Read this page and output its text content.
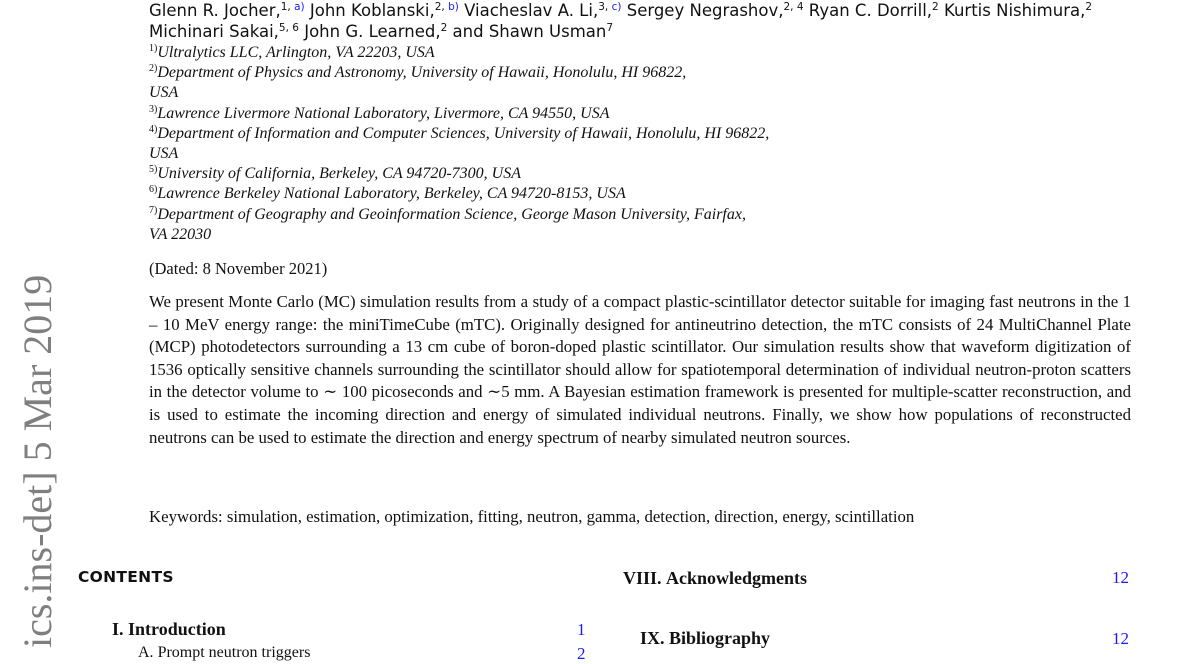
ics.ins-det] 5 Mar 2019
Glenn R. Jocher,$^{1, a)}$ John Koblanski,$^{2, b)}$ Viacheslav A. Li,$^{3, c)}$ Sergey Negrashov,$^{2, 4}$ Ryan C. Dorrill,$^2$ Kurtis Nishimura,$^2$
Michinari Sakai,$^{5, 6}$ John G. Learned,$^2$ and Shawn Usman$^7$
$^{1)}$Ultralytics LLC, Arlington, VA 22203, USA
$^{2)}$Department of Physics and Astronomy, University of Hawaii, Honolulu, HI 96822,
USA
$^{3)}$Lawrence Livermore National Laboratory, Livermore, CA 94550, USA
$^{4)}$Department of Information and Computer Sciences, University of Hawaii, Honolulu, HI 96822,
USA
$^{5)}$University of California, Berkeley, CA 94720-7300, USA
$^{6)}$Lawrence Berkeley National Laboratory, Berkeley, CA 94720-8153, USA
$^{7)}$Department of Geography and Geoinformation Science, George Mason University, Fairfax,
VA 22030
(Dated: 8 November 2021)

We present Monte Carlo (MC) simulation results from a study of a compact plastic-scintillator detector suitable for imaging fast neutrons in the 1 – 10 MeV energy range: the miniTimeCube (mTC). Originally designed for antineutrino detection, the mTC consists of 24 MultiChannel Plate (MCP) photodetectors surrounding a 13 cm cube of boron-doped plastic scintillator. Our simulation results show that waveform digitization of 1536 optically sensitive channels surrounding the scintillator should allow for spatiotemporal determination of individual neutron-proton scatters in the detector volume to ∼ 100 picoseconds and ∼5 mm. A Bayesian estimation framework is presented for multiple-scatter reconstruction, and is used to estimate the incoming direction and energy of simulated individual neutrons. Finally, we show how populations of reconstructed neutrons can be used to estimate the direction and energy spectrum of nearby simulated neutron sources.

Keywords: simulation, estimation, optimization, fitting, neutron, gamma, detection, direction, energy, scintillation
CONTENTS
I. Introduction	1
A. Prompt neutron triggers	2
VIII. Acknowledgments	12
IX. Bibliography	12
